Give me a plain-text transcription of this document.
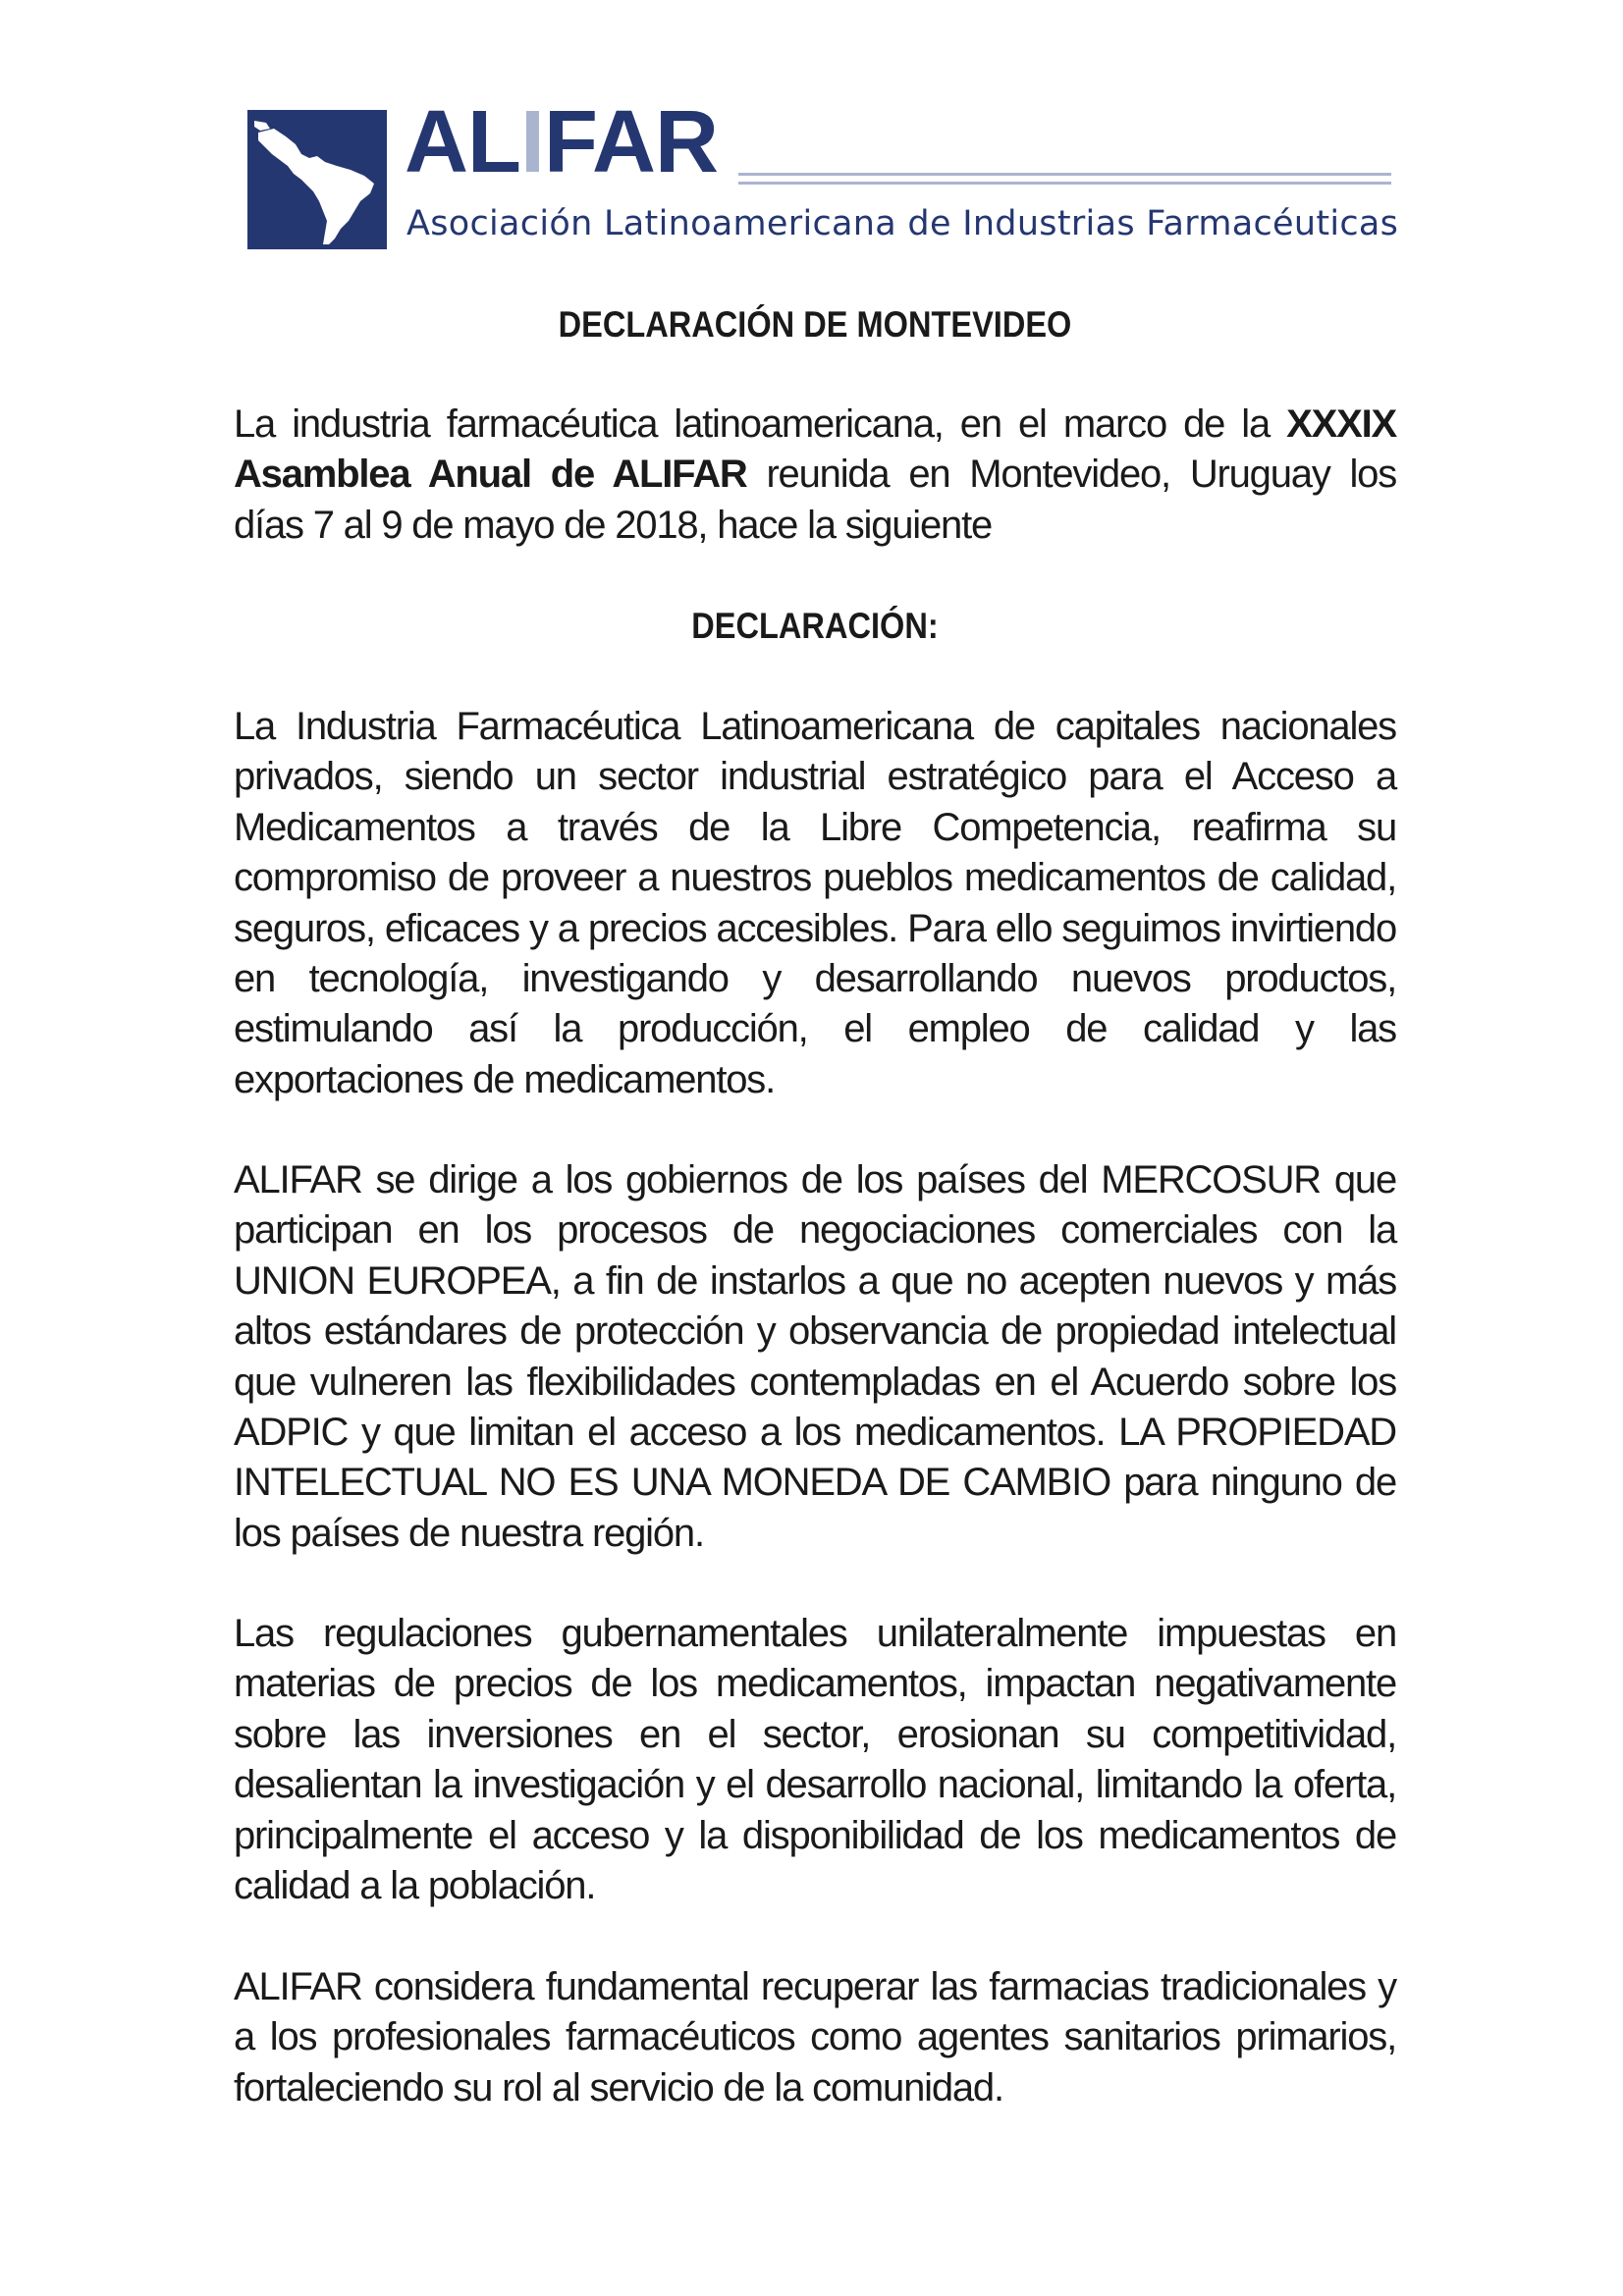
ALIFAR
Asociación Latinoamericana de Industrias Farmacéuticas
DECLARACIÓN DE MONTEVIDEO

La industria farmacéutica latinoamericana, en el marco de la XXXIX Asamblea Anual de ALIFAR reunida en Montevideo, Uruguay los días 7 al 9 de mayo de 2018, hace la siguiente

DECLARACIÓN:

La Industria Farmacéutica Latinoamericana de capitales nacionales privados, siendo un sector industrial estratégico para el Acceso a Medicamentos a través de la Libre Competencia, reafirma su compromiso de proveer a nuestros pueblos medicamentos de calidad, seguros, eficaces y a precios accesibles. Para ello seguimos invirtiendo en tecnología, investigando y desarrollando nuevos productos, estimulando así la producción, el empleo de calidad y las exportaciones de medicamentos.

ALIFAR se dirige a los gobiernos de los países del MERCOSUR que participan en los procesos de negociaciones comerciales con la UNION EUROPEA, a fin de instarlos a que no acepten nuevos y más altos estándares de protección y observancia de propiedad intelectual que vulneren las flexibilidades contempladas en el Acuerdo sobre los ADPIC y que limitan el acceso a los medicamentos. LA PROPIEDAD INTELECTUAL NO ES UNA MONEDA DE CAMBIO para ninguno de los países de nuestra región.

Las regulaciones gubernamentales unilateralmente impuestas en materias de precios de los medicamentos, impactan negativamente sobre las inversiones en el sector, erosionan su competitividad, desalientan la investigación y el desarrollo nacional, limitando la oferta, principalmente el acceso y la disponibilidad de los medicamentos de calidad a la población.

ALIFAR considera fundamental recuperar las farmacias tradicionales y a los profesionales farmacéuticos como agentes sanitarios primarios, fortaleciendo su rol al servicio de la comunidad.
